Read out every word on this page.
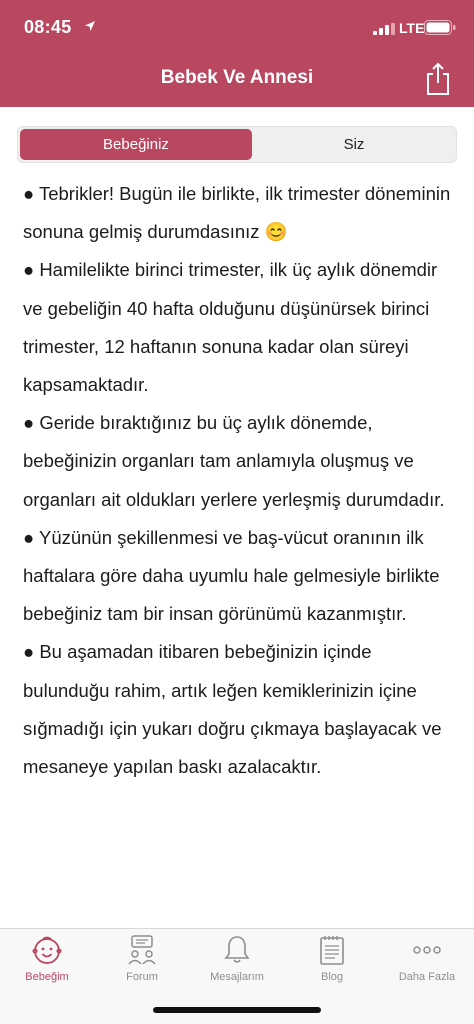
08:45	LTE
Bebek Ve Annesi
Bebeğiniz	Siz

● Tebrikler! Bugün ile birlikte, ilk trimester döneminin sonuna gelmiş durumdasınız 😊

● Hamilelikte birinci trimester, ilk üç aylık dönemdir ve gebeliğin 40 hafta olduğunu düşünürsek birinci trimester, 12 haftanın sonuna kadar olan süreyi kapsamaktadır.

● Geride bıraktığınız bu üç aylık dönemde, bebeğinizin organları tam anlamıyla oluşmuş ve organları ait oldukları yerlere yerleşmiş durumdadır.

● Yüzünün şekillenmesi ve baş-vücut oranının ilk haftalara göre daha uyumlu hale gelmesiyle birlikte bebeğiniz tam bir insan görünümü kazanmıştır.

● Bu aşamadan itibaren bebeğinizin içinde bulunduğu rahim, artık leğen kemiklerinizin içine sığmadığı için yukarı doğru çıkmaya başlayacak ve mesaneye yapılan baskı azalacaktır.

Bebeğim	Forum	Mesajlarım	Blog	Daha Fazla
